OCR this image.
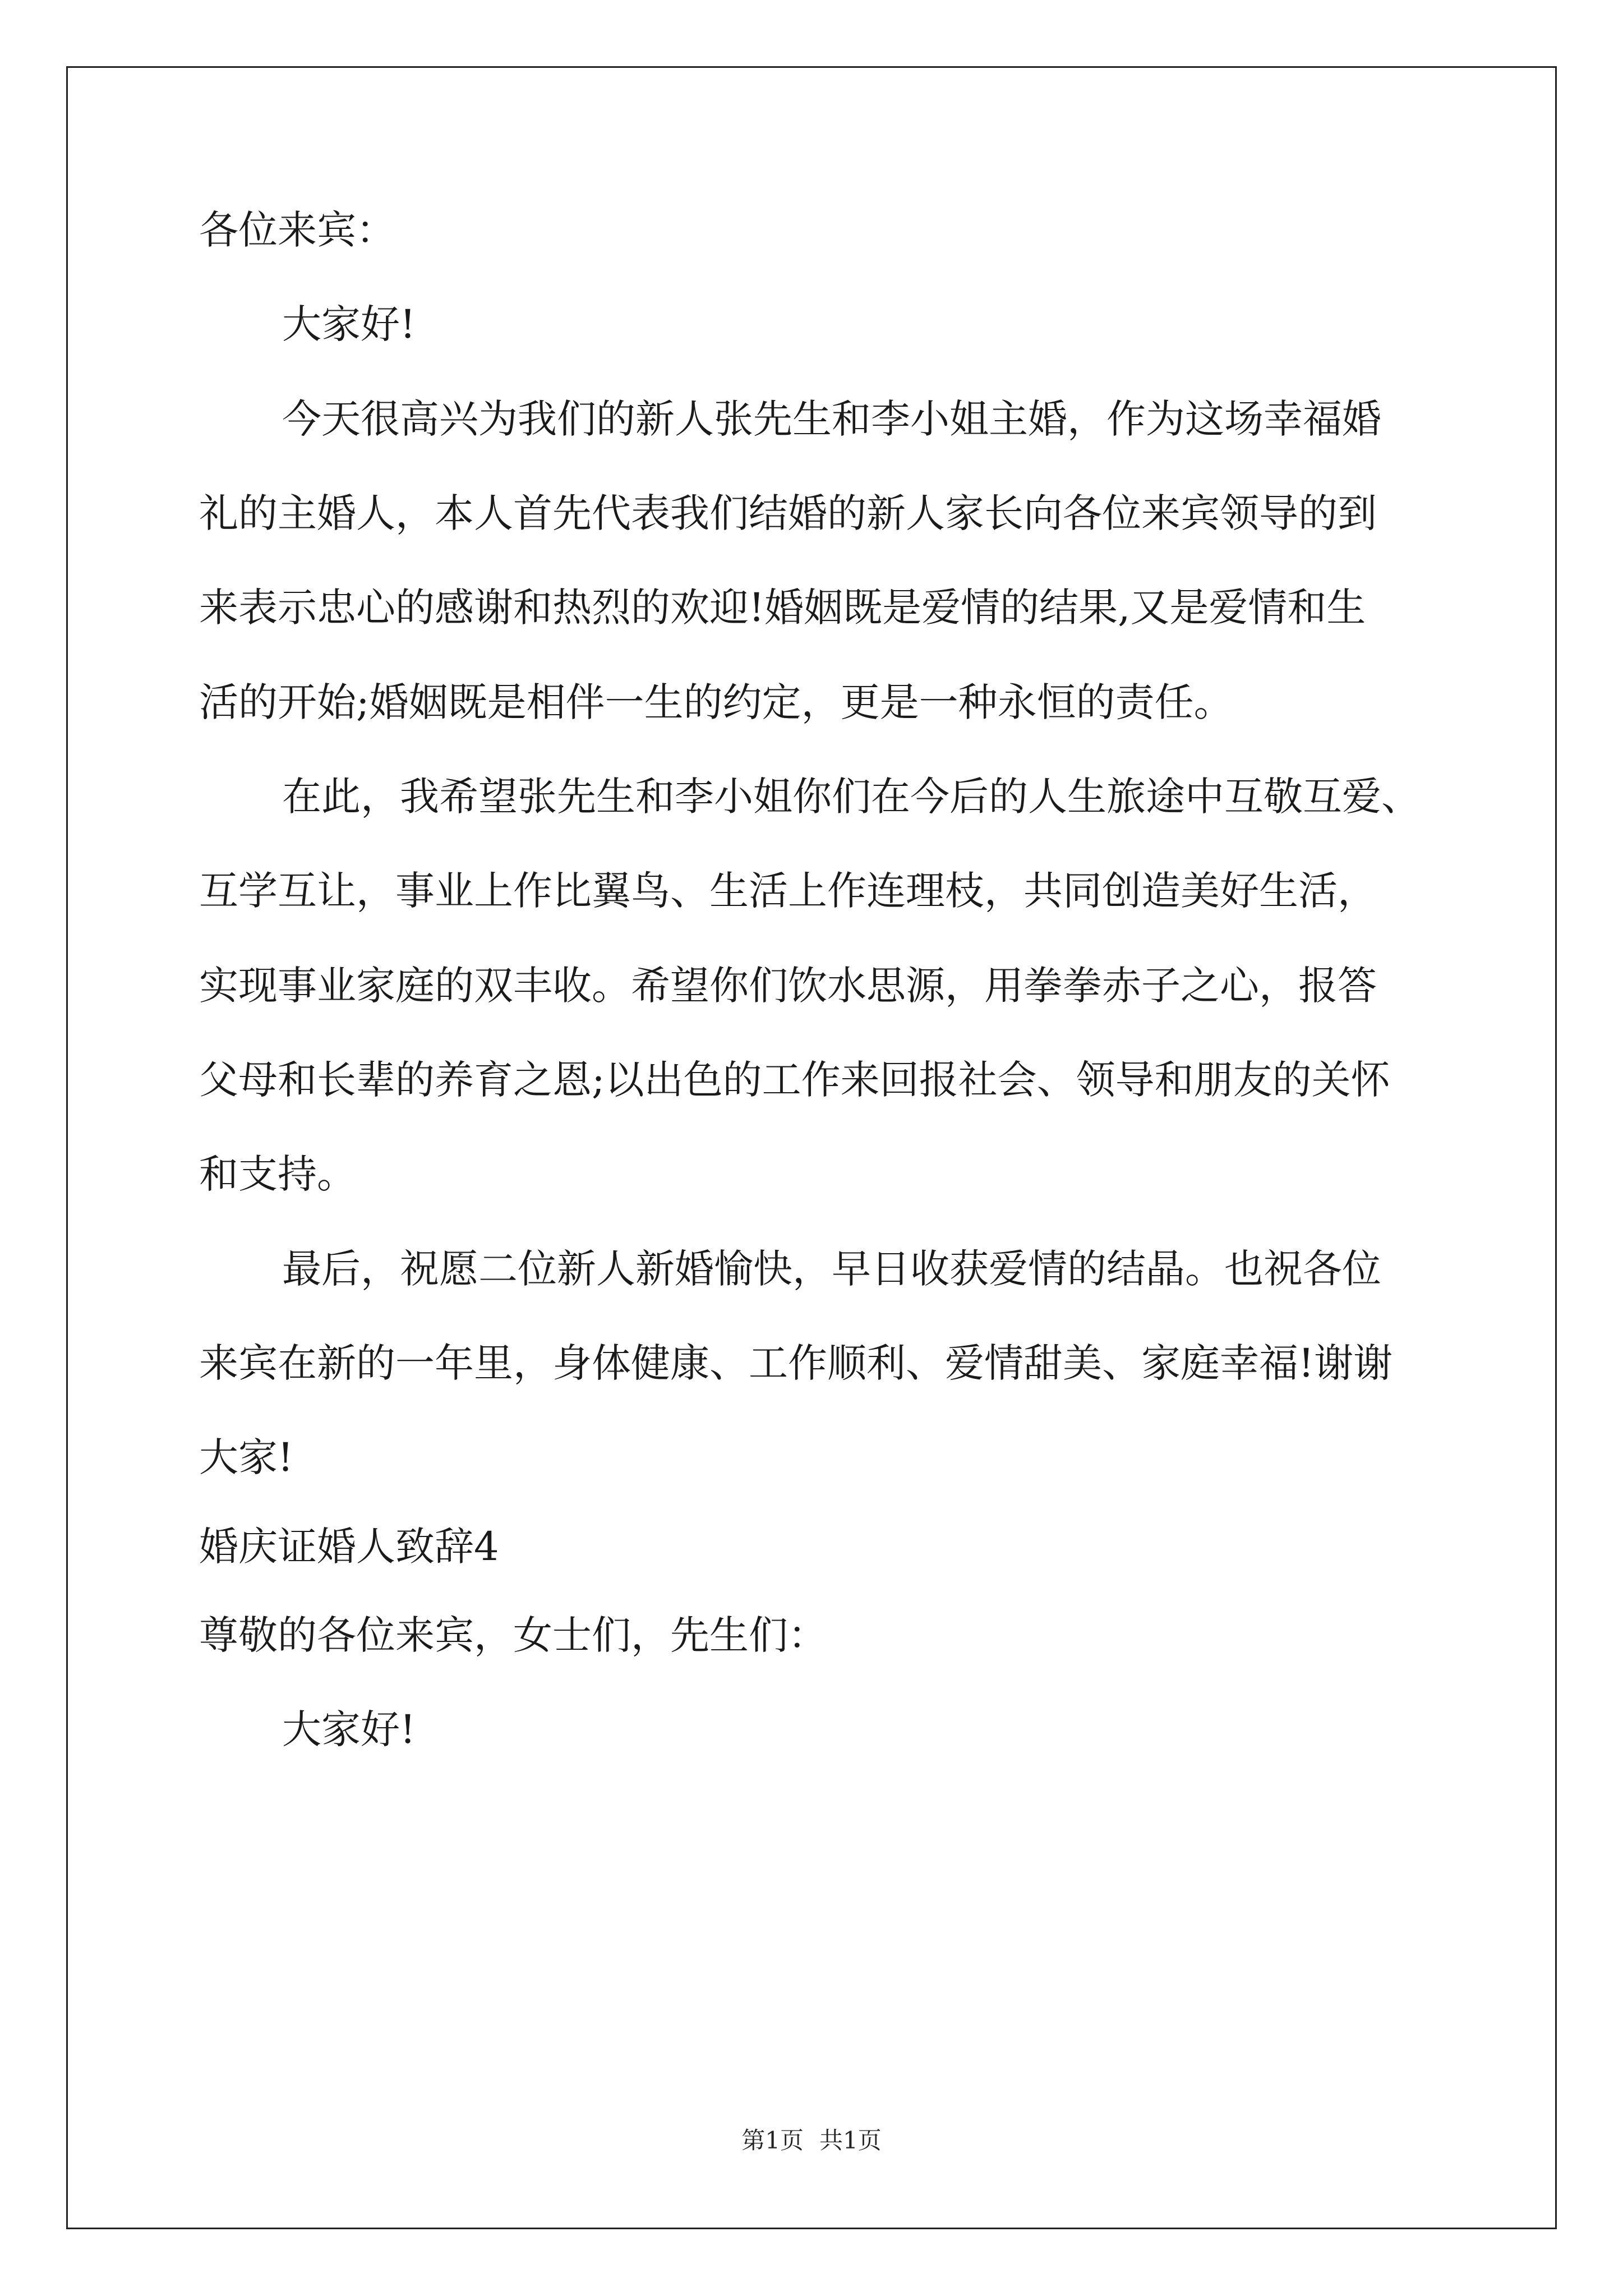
各位来宾：
大家好!
今天很高兴为我们的新人张先生和李小姐主婚，作为这场幸福婚
礼的主婚人，本人首先代表我们结婚的新人家长向各位来宾领导的到
来表示忠心的感谢和热烈的欢迎!婚姻既是爱情的结果,又是爱情和生
活的开始;婚姻既是相伴一生的约定，更是一种永恒的责任。
在此，我希望张先生和李小姐你们在今后的人生旅途中互敬互爱、
互学互让，事业上作比翼鸟、生活上作连理枝，共同创造美好生活，
实现事业家庭的双丰收。希望你们饮水思源，用拳拳赤子之心，报答
父母和长辈的养育之恩;以出色的工作来回报社会、领导和朋友的关怀
和支持。
最后，祝愿二位新人新婚愉快，早日收获爱情的结晶。也祝各位
来宾在新的一年里，身体健康、工作顺利、爱情甜美、家庭幸福!谢谢
大家!
婚庆证婚人致辞4
尊敬的各位来宾，女士们，先生们：
大家好!
第1页 共1页
